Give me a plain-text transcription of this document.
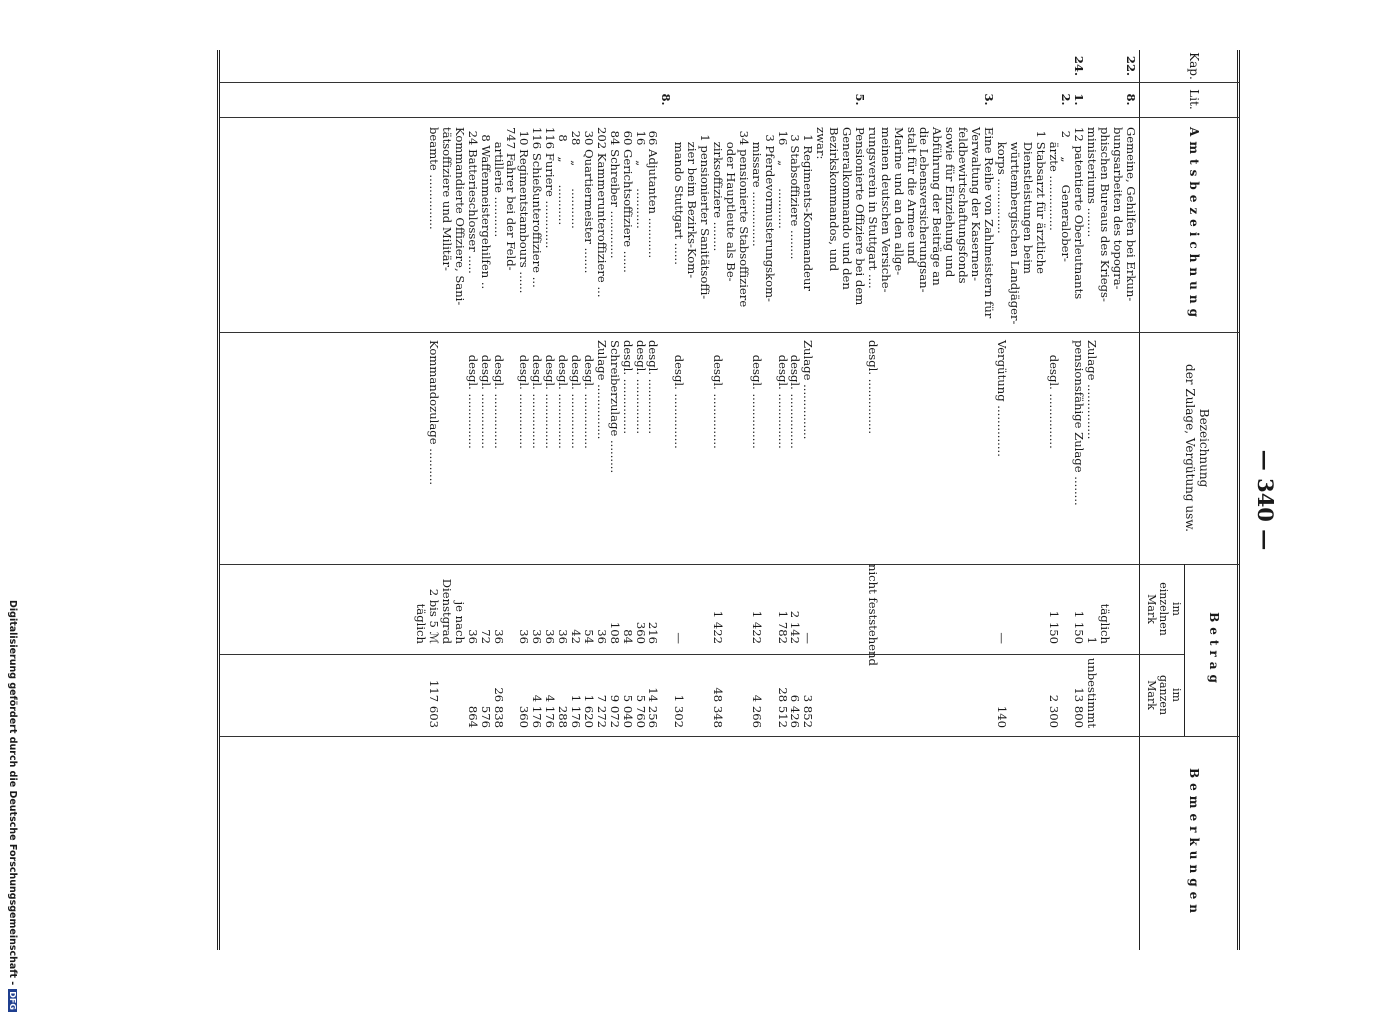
Digitalisierung gefördert durch die Deutsche Forschungsgemeinschaft -DFG
— 340 —
Kap.
Lit.
Amtsbezeichnung
Bezeichnung
der Zulage, Vergütung usw.
Betrag
im
einzelnen
Mark
im
ganzen
Mark
Bemerkungen
22.
8.
Gemeine, Gehilfen bei Erkun-
bungsarbeiten des topogra-
phischen Bureaus des Kriegs-
täglich
ministeriums ........
Zulage ...............
1
unbestimmt
24.
1.
12 patentierte Oberleutnants
pensionsfähige Zulage ........
1 150
13 800
2.
2     „      Generalober-
ärzte ...............
desgl. ...............
1 150
2 300
1 Stabsarzt für ärztliche
Dienstleistungen beim
württembergischen Landjäger-
korps ...............
Vergütung ..............
—
140
3.
Eine Reihe von Zahlmeistern für
Verwaltung der Kasernen-
feldbewirtschaftungsfonds
sowie für Einziehung und
Abführung der Beiträge an
die Lebensversicherungsan-
stalt für die Armee und
Marine und an den allge-
meinen deutschen Versiche-
rungsverein in Stuttgart ....
desgl. ...............
nicht feststehend
5.
Pensionierte Offiziere bei dem
Generalkommando und den
Bezirkskommandos, und
zwar:
1 Regiments-Kommandeur
Zulage ...............
—
3 852
3 Stabsoffiziere ........
desgl. ...............
2 142
6 426
16    „      ...........
desgl. ...............
1 782
28 512
3 Pferdevormusterungskom-
missare ...............
desgl. ...............
1 422
4 266
34 pensionierte Stabsoffiziere
oder Hauptleute als Be-
zirksoffiziere ........
desgl. ...............
1 422
48 348
1 pensionierter Sanitätsoffi-
zier beim Bezirks-Kom-
mando Stuttgart ......
desgl. ...............
—
1 302
8.
66 Adjutanten ...........
desgl. ...............
216
14 256
16    „      ...........
desgl. ...............
360
5 760
60 Gerichtsoffiziere ......
desgl. ...............
84
5 040
84 Schreiber .............
Schreiberzulage .........
108
9 072
202 Kammerunteroffiziere ...
Zulage ...............
36
7 272
30 Quartiermeister .......
desgl. ...............
54
1 620
28    „      ...........
desgl. ...............
42
1 176
8    „      ...........
desgl. ...............
36
288
116 Furiere .............
desgl. ...............
36
4 176
116 Schießunteroffiziere ...
desgl. ...............
36
4 176
10 Regimentstambours ......
desgl. ...............
36
360
747 Fahrer bei der Feld-
artillerie ...........
desgl. ...............
36
26 838
8 Waffenmeistergehilfen ..
desgl. ...............
72
576
24 Batterieschlosser .....
desgl. ...............
36
864
Kommandierte Offiziere, Sani-
je nach
tätsoffiziere und Militär-
Dienstgrad
beamte ...............
Kommandozulage ..........
2 bis 5 ℳ
117 603
täglich
